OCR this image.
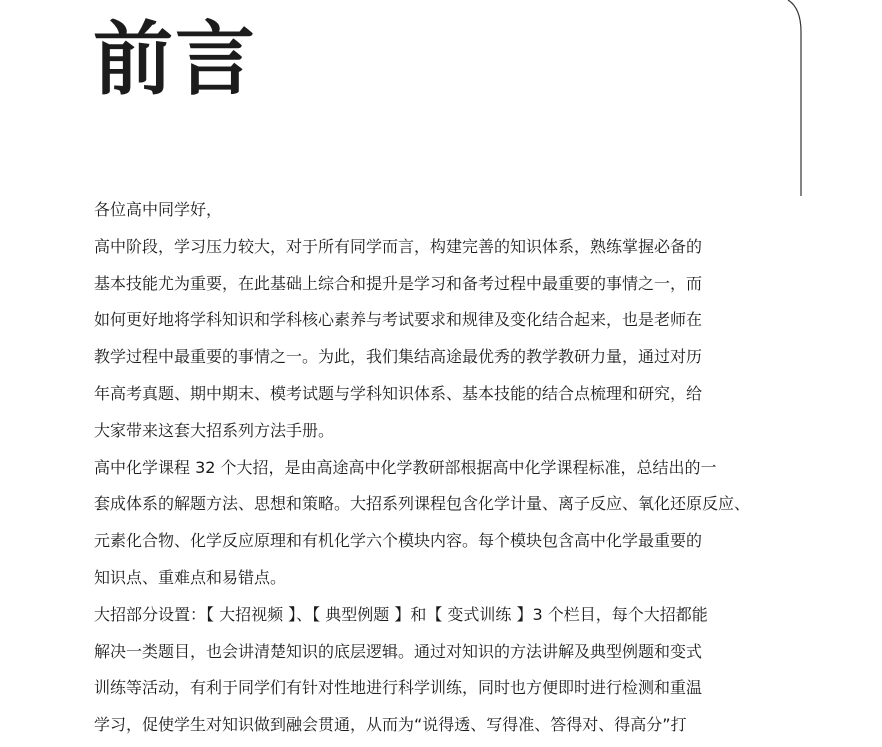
前言

各位高中同学好，

高中阶段，学习压力较大，对于所有同学而言，构建完善的知识体系，熟练掌握必备的
基本技能尤为重要，在此基础上综合和提升是学习和备考过程中最重要的事情之一，而
如何更好地将学科知识和学科核心素养与考试要求和规律及变化结合起来，也是老师在
教学过程中最重要的事情之一。为此，我们集结高途最优秀的教学教研力量，通过对历
年高考真题、期中期末、模考试题与学科知识体系、基本技能的结合点梳理和研究，给
大家带来这套大招系列方法手册。

高中化学课程 32 个大招，是由高途高中化学教研部根据高中化学课程标准，总结出的一
套成体系的解题方法、思想和策略。大招系列课程包含化学计量、离子反应、氧化还原反应、
元素化合物、化学反应原理和有机化学六个模块内容。每个模块包含高中化学最重要的
知识点、重难点和易错点。

大招部分设置：【 大招视频 】、【 典型例题 】和【 变式训练 】3 个栏目，每个大招都能
解决一类题目，也会讲清楚知识的底层逻辑。通过对知识的方法讲解及典型例题和变式
训练等活动，有利于同学们有针对性地进行科学训练，同时也方便即时进行检测和重温
学习，促使学生对知识做到融会贯通，从而为“说得透、写得准、答得对、得高分”打
